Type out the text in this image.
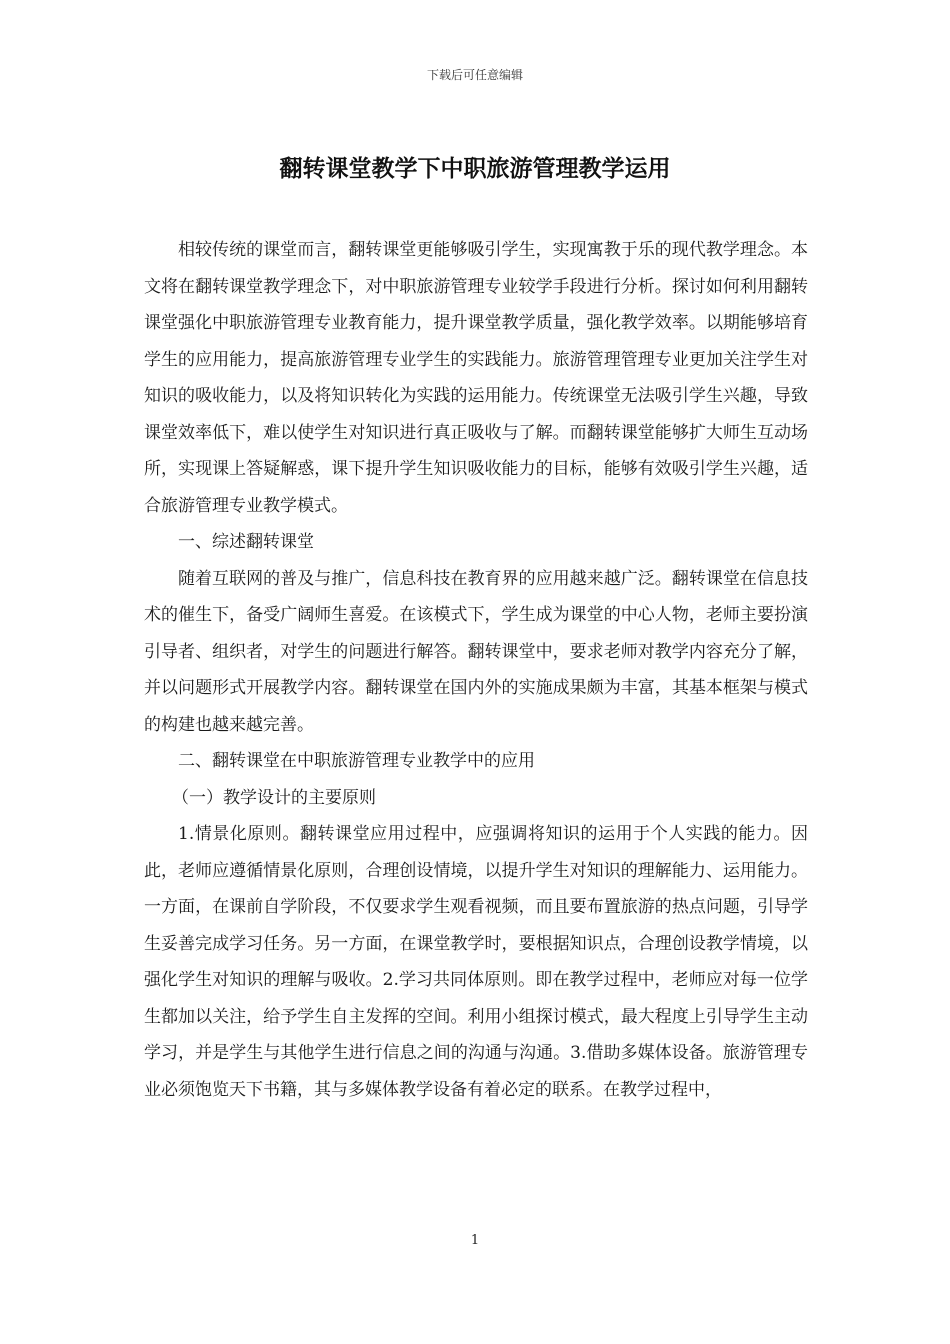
下载后可任意编辑
翻转课堂教学下中职旅游管理教学运用

相较传统的课堂而言，翻转课堂更能够吸引学生，实现寓教于乐的现代教学理念。本文将在翻转课堂教学理念下，对中职旅游管理专业较学手段进行分析。探讨如何利用翻转课堂强化中职旅游管理专业教育能力，提升课堂教学质量，强化教学效率。以期能够培育学生的应用能力，提高旅游管理专业学生的实践能力。旅游管理管理专业更加关注学生对知识的吸收能力，以及将知识转化为实践的运用能力。传统课堂无法吸引学生兴趣，导致课堂效率低下，难以使学生对知识进行真正吸收与了解。而翻转课堂能够扩大师生互动场所，实现课上答疑解惑，课下提升学生知识吸收能力的目标，能够有效吸引学生兴趣，适合旅游管理专业教学模式。

一、综述翻转课堂

随着互联网的普及与推广，信息科技在教育界的应用越来越广泛。翻转课堂在信息技术的催生下，备受广阔师生喜爱。在该模式下，学生成为课堂的中心人物，老师主要扮演引导者、组织者，对学生的问题进行解答。翻转课堂中，要求老师对教学内容充分了解，并以问题形式开展教学内容。翻转课堂在国内外的实施成果颇为丰富，其基本框架与模式的构建也越来越完善。

二、翻转课堂在中职旅游管理专业教学中的应用

（一）教学设计的主要原则

1.情景化原则。翻转课堂应用过程中，应强调将知识的运用于个人实践的能力。因此，老师应遵循情景化原则，合理创设情境，以提升学生对知识的理解能力、运用能力。一方面，在课前自学阶段，不仅要求学生观看视频，而且要布置旅游的热点问题，引导学生妥善完成学习任务。另一方面，在课堂教学时，要根据知识点，合理创设教学情境，以强化学生对知识的理解与吸收。2.学习共同体原则。即在教学过程中，老师应对每一位学生都加以关注，给予学生自主发挥的空间。利用小组探讨模式，最大程度上引导学生主动学习，并是学生与其他学生进行信息之间的沟通与沟通。3.借助多媒体设备。旅游管理专业必须饱览天下书籍，其与多媒体教学设备有着必定的联系。在教学过程中，

1
